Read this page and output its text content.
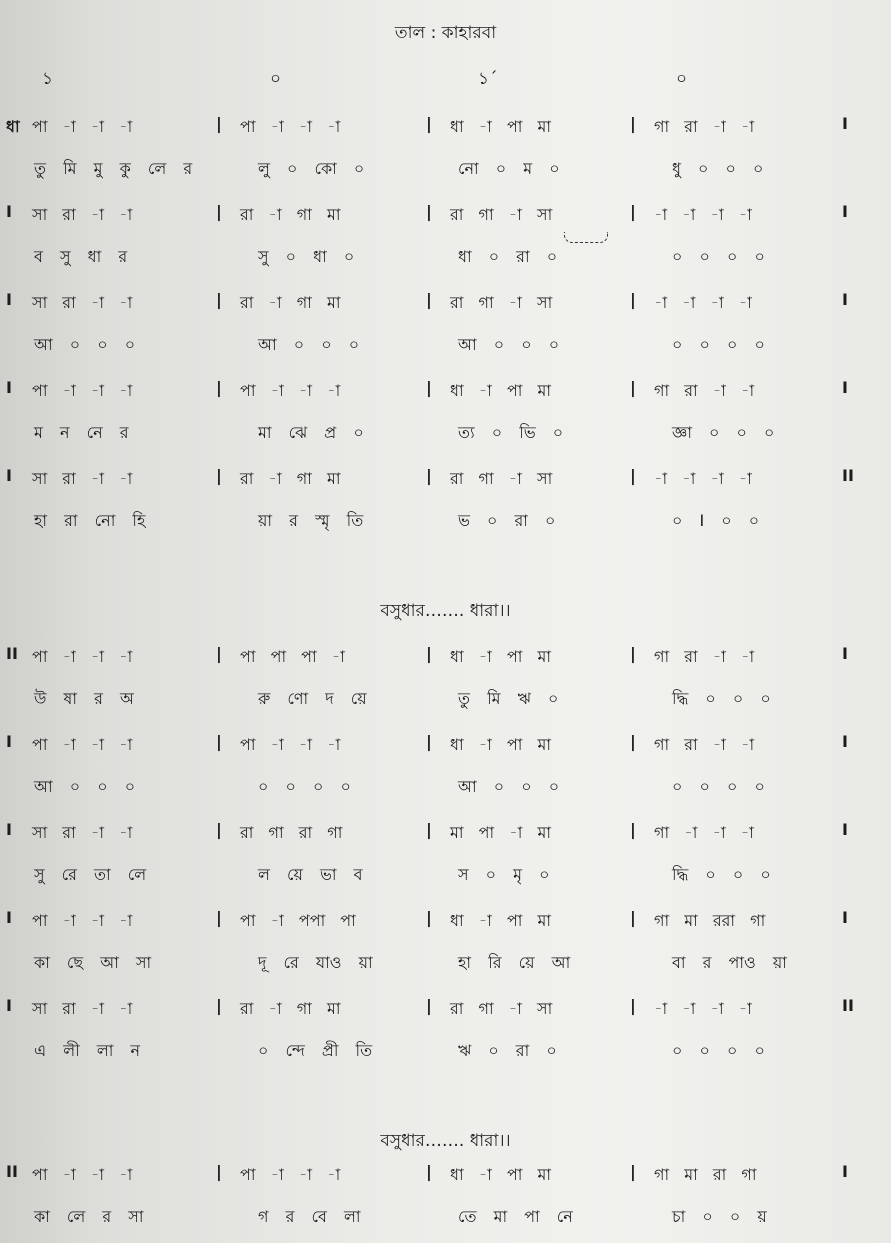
তাল : কাহারবা
১	০	১´	০
ধা পা -া -া -া	| পা -া -া -া	| ধা -া পা মা	| গা রা -া -া	I
তু মি মু কু লে র	লু ০ কো ০	নো ০ ম ০	ধু ০ ০ ০
I সা রা -া -া	| রা -া গা মা	| রা গা -া সা	| -া -া -া -া	I
ব সু ধা র	সু ০ ধা ০	ধা ০ রা ০	০ ০ ০ ০
I সা রা -া -া	| রা -া গা মা	| রা গা -া সা	| -া -া -া -া	I
আ ০ ০ ০	আ ০ ০ ০	আ ০ ০ ০	০ ০ ০ ০
I পা -া -া -া	| পা -া -া -া	| ধা -া পা মা	| গা রা -া -া	I
ম ন নে র	মা ঝে প্র ০	ত্য ০ ভি ০	জ্ঞা ০ ০ ০
I সা রা -া -া	| রা -া গা মা	| রা গা -া সা	| -া -া -া -া	II
হা রা নো হি	য়া র স্মৃ তি	ভ ০ রা ০	০ I ০ ০
বসুধার……. ধারা।।
II পা -া -া -া	| পা পা পা -া	| ধা -া পা মা	| গা রা -া -া	I
উ ষা র অ	রু ণো দ য়ে	তু মি ঋ ০	দ্ধি ০ ০ ০
I পা -া -া -া	| পা -া -া -া	| ধা -া পা মা	| গা রা -া -া	I
আ ০ ০ ০	০ ০ ০ ০	আ ০ ০ ০	০ ০ ০ ০
I সা রা -া -া	| রা গা রা গা	| মা পা -া মা	| গা -া -া -া	I
সু রে তা লে	ল য়ে ভা ব	স ০ মৃ ০	দ্ধি ০ ০ ০
I পা -া -া -া	| পা -া পপা পা	| ধা -া পা মা	| গা মা ররা গা	I
কা ছে আ সা	দূ রে যাও য়া	হা রি য়ে আ	বা র পাও য়া
I সা রা -া -া	| রা -া গা মা	| রা গা -া সা	| -া -া -া -া	II
এ লী লা ন	০ ন্দে প্রী তি	ঋ ০ রা ০	০ ০ ০ ০
বসুধার……. ধারা।।
II পা -া -া -া	| পা -া -া -া	| ধা -া পা মা	| গা মা রা গা	I
কা লে র সা	গ র বে লা	তে মা পা নে	চা ০ ০ য়
